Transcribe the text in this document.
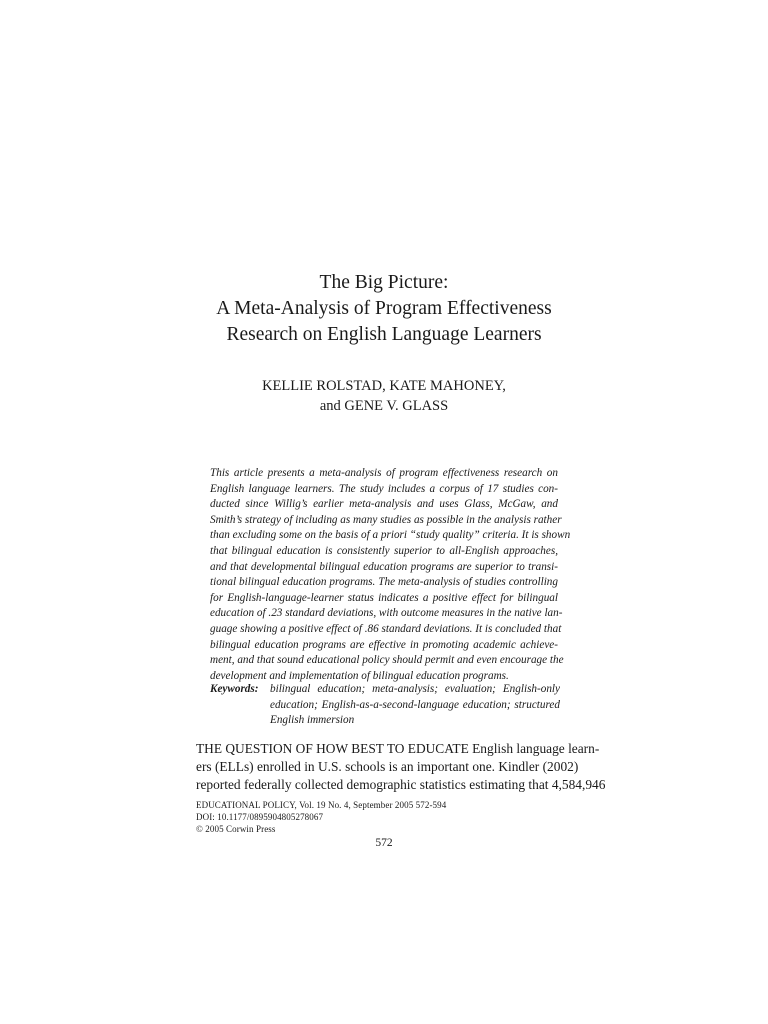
The Big Picture:
A Meta-Analysis of Program Effectiveness
Research on English Language Learners
KELLIE ROLSTAD, KATE MAHONEY,
and GENE V. GLASS
This article presents a meta-analysis of program effectiveness research on
English language learners. The study includes a corpus of 17 studies con-
ducted since Willig’s earlier meta-analysis and uses Glass, McGaw, and
Smith’s strategy of including as many studies as possible in the analysis rather
than excluding some on the basis of a priori “study quality” criteria. It is shown
that bilingual education is consistently superior to all-English approaches,
and that developmental bilingual education programs are superior to transi-
tional bilingual education programs. The meta-analysis of studies controlling
for English-language-learner status indicates a positive effect for bilingual
education of .23 standard deviations, with outcome measures in the native lan-
guage showing a positive effect of .86 standard deviations. It is concluded that
bilingual education programs are effective in promoting academic achieve-
ment, and that sound educational policy should permit and even encourage the
development and implementation of bilingual education programs.
Keywords:	bilingual education; meta-analysis; evaluation; English-only
education; English-as-a-second-language education; structured
English immersion
THE QUESTION OF HOW BEST TO EDUCATE English language learn-
ers (ELLs) enrolled in U.S. schools is an important one. Kindler (2002)
reported federally collected demographic statistics estimating that 4,584,946
EDUCATIONAL POLICY, Vol. 19 No. 4, September 2005 572-594
DOI: 10.1177/0895904805278067
© 2005 Corwin Press
572
